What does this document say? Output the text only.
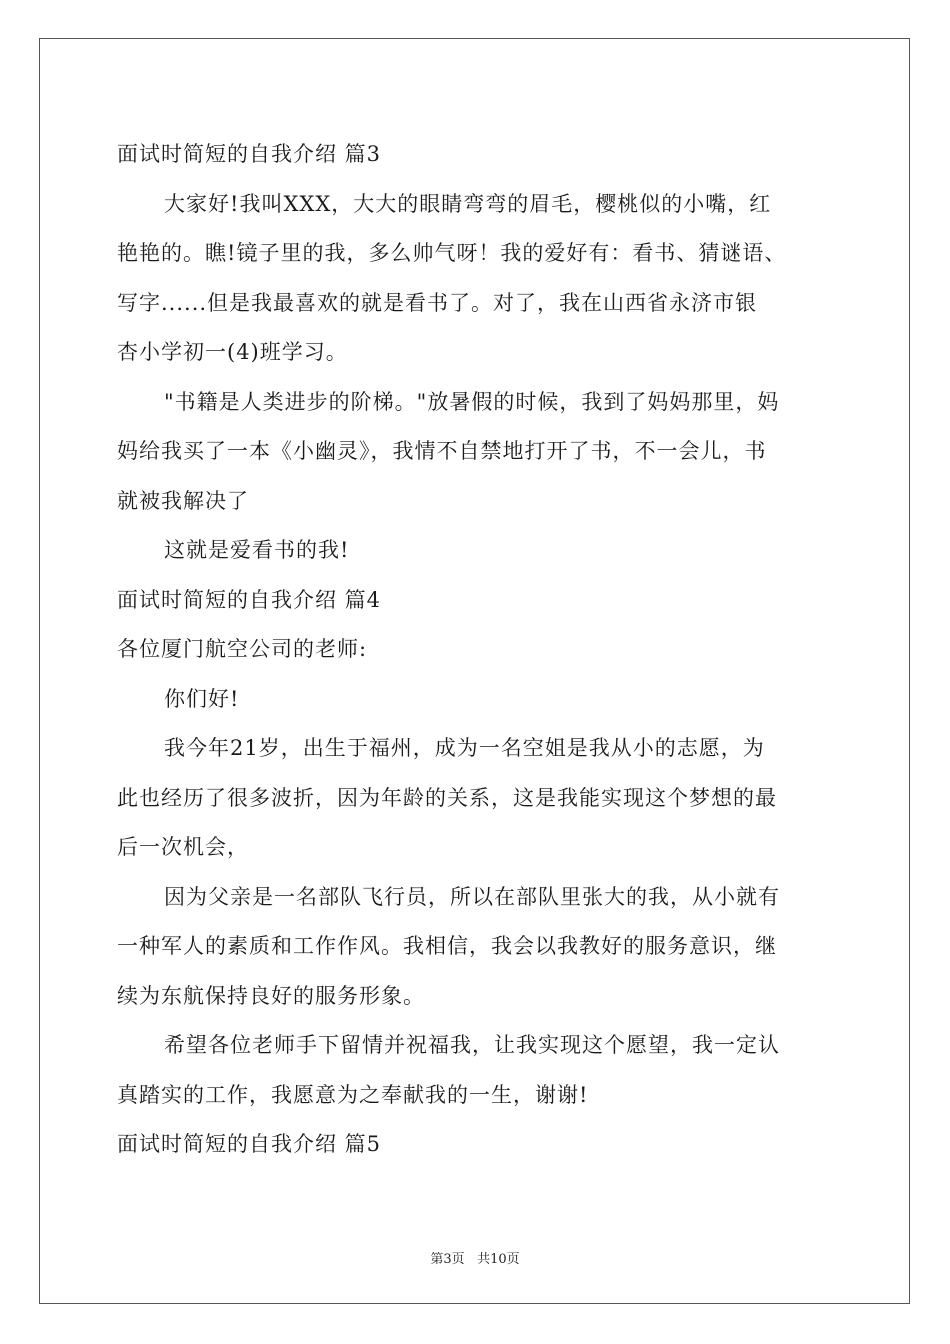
面试时简短的自我介绍 篇3
大家好!我叫XXX，大大的眼睛弯弯的眉毛，樱桃似的小嘴，红
艳艳的。瞧!镜子里的我，多么帅气呀！我的爱好有：看书、猜谜语、
写字......但是我最喜欢的就是看书了。对了，我在山西省永济市银
杏小学初一(4)班学习。
"书籍是人类进步的阶梯。"放暑假的时候，我到了妈妈那里，妈
妈给我买了一本《小幽灵》，我情不自禁地打开了书，不一会儿，书
就被我解决了
这就是爱看书的我!
面试时简短的自我介绍 篇4
各位厦门航空公司的老师:
你们好!
我今年21岁，出生于福州，成为一名空姐是我从小的志愿，为
此也经历了很多波折，因为年龄的关系，这是我能实现这个梦想的最
后一次机会，
因为父亲是一名部队飞行员，所以在部队里张大的我，从小就有
一种军人的素质和工作作风。我相信，我会以我教好的服务意识，继
续为东航保持良好的服务形象。
希望各位老师手下留情并祝福我，让我实现这个愿望，我一定认
真踏实的工作，我愿意为之奉献我的一生，谢谢!
面试时简短的自我介绍 篇5
第3页 共10页
